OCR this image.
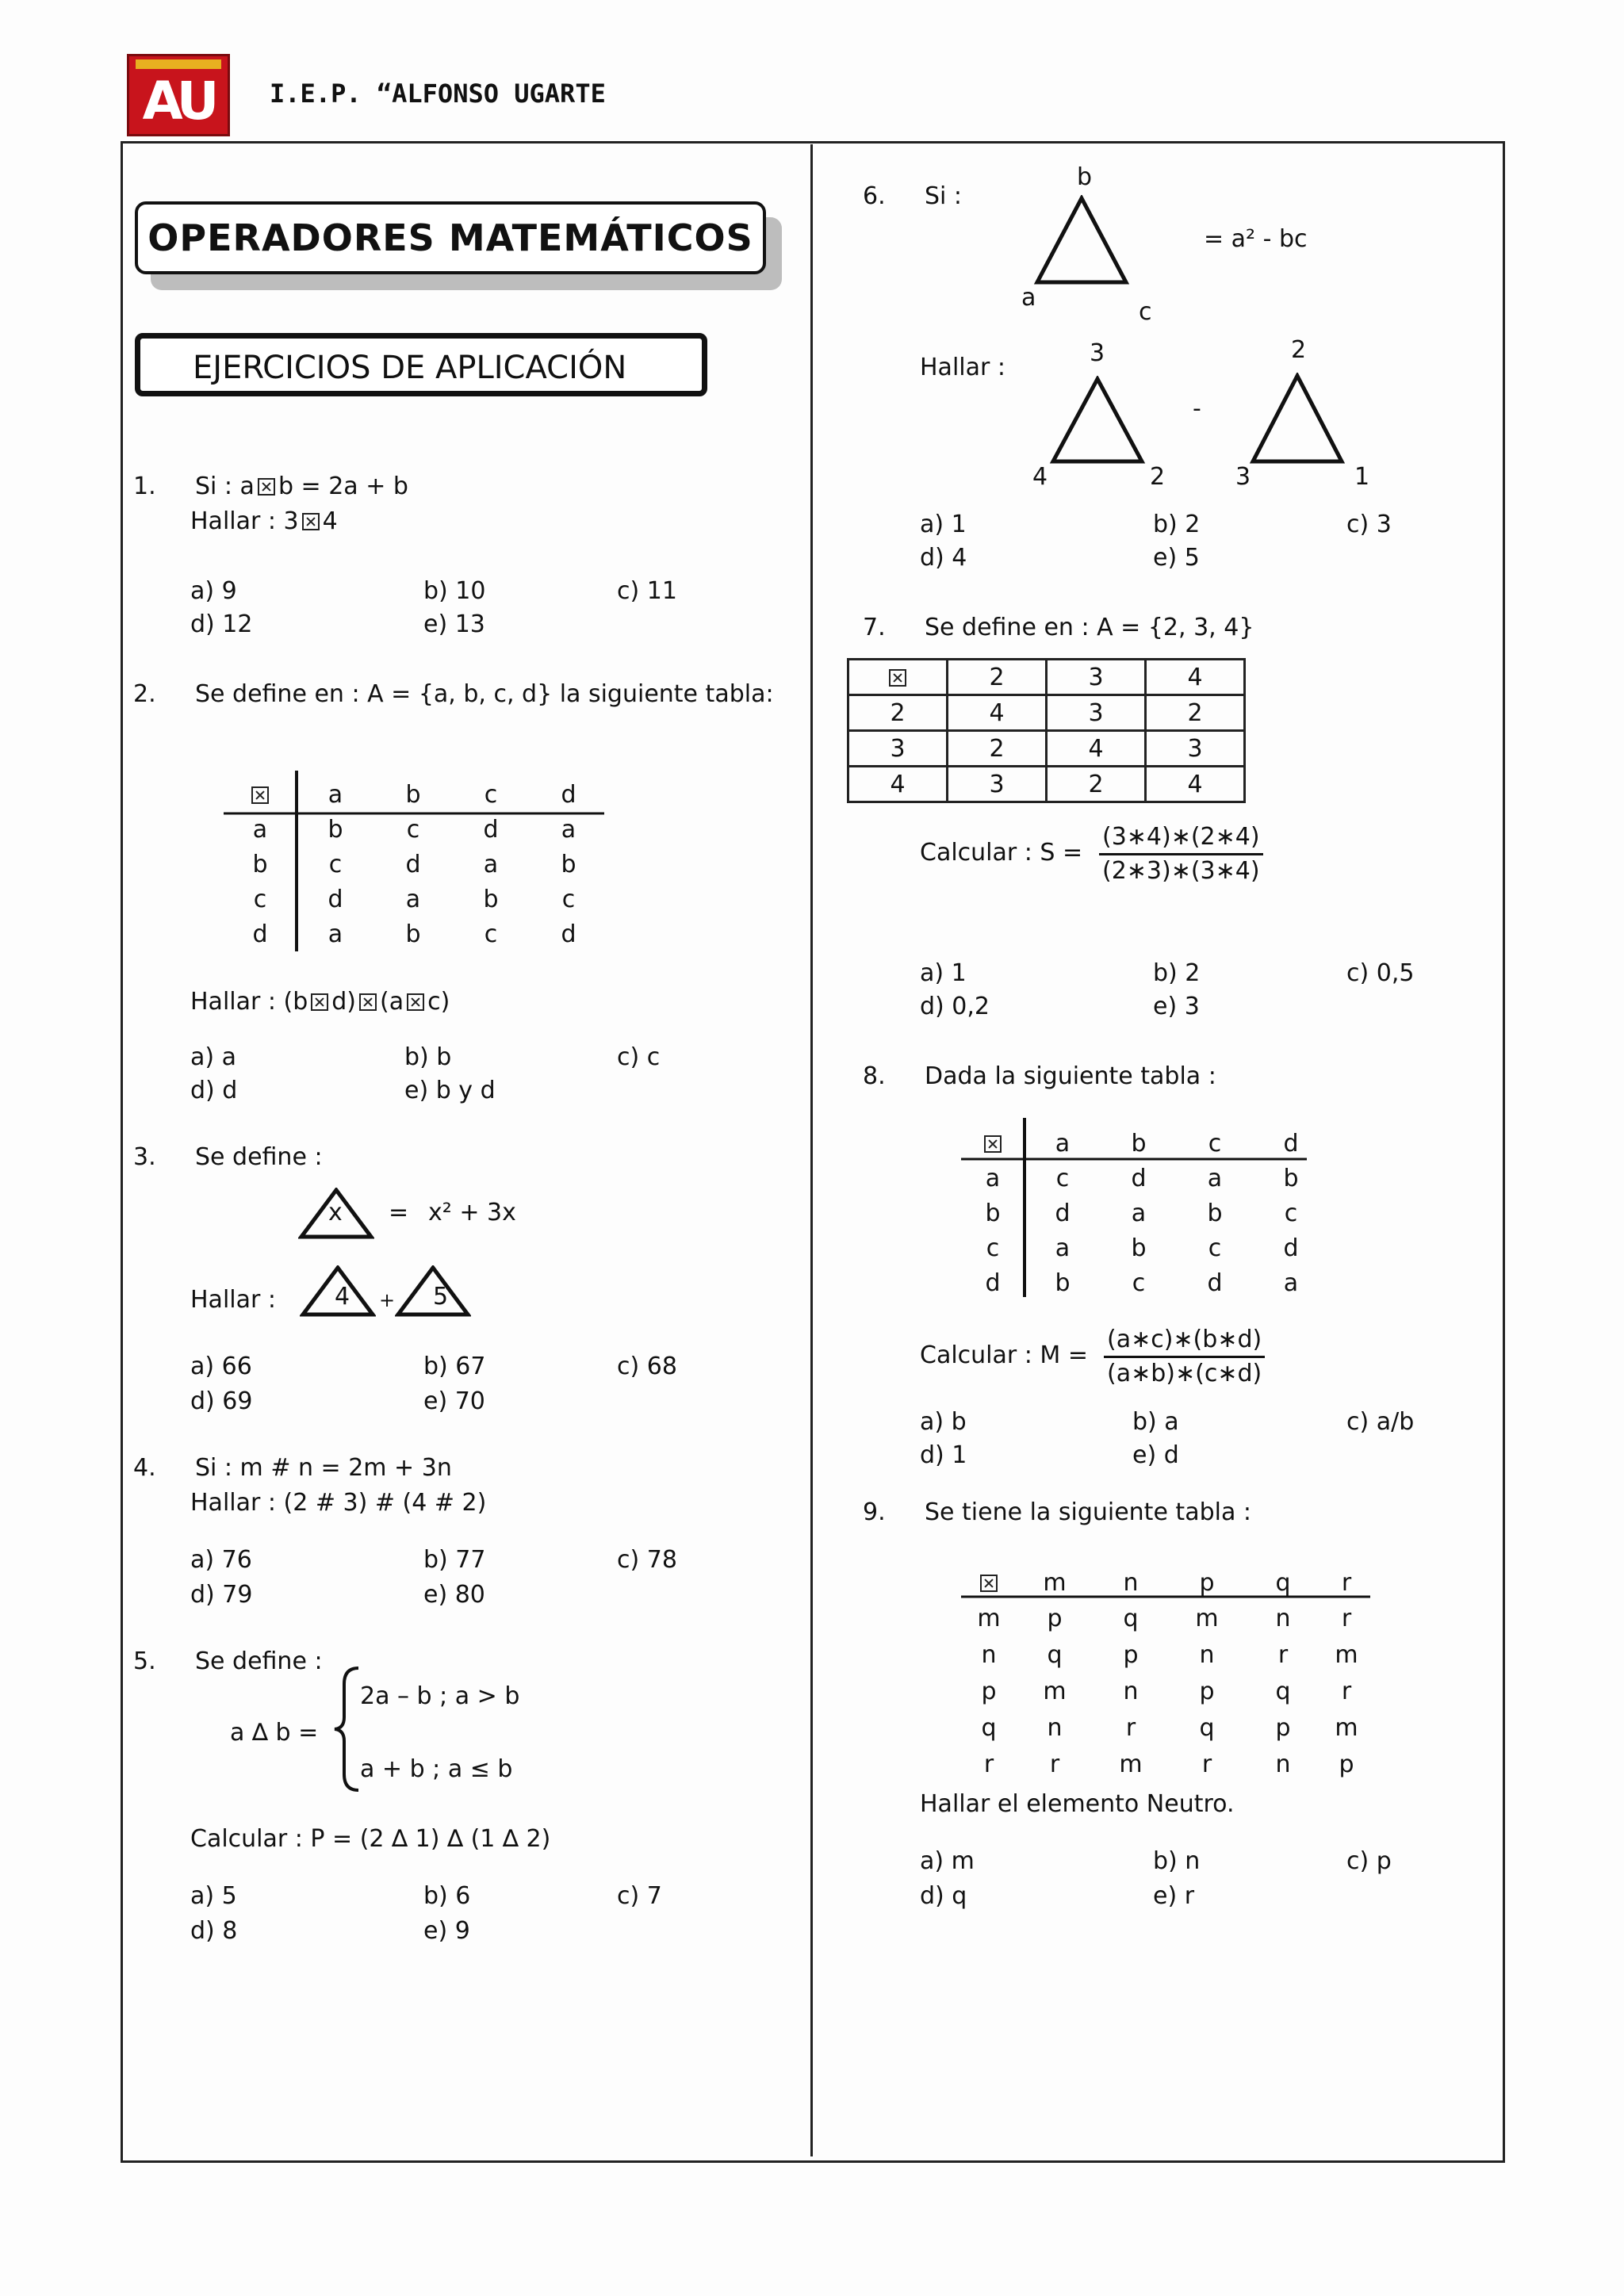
AU	I.E.P. “ALFONSO UGARTE
OPERADORES MATEMÁTICOS
EJERCICIOS DE APLICACIÓN
1. Si : a b = 2a + b
Hallar : 3 4
a) 9	b) 10	c) 11
d) 12	e) 13
2. Se define en : A = {a, b, c, d} la siguiente tabla:
	a	b	c	d
a	b	c	d	a
b	c	d	a	b
c	d	a	b	c
d	a	b	c	d
Hallar : (b d) (a c)
a) a	b) b	c) c
d) d	e) b y d
3. Se define :
x = x² + 3x
Hallar : 4 + 5
a) 66	b) 67	c) 68
d) 69	e) 70
4. Si : m # n = 2m + 3n
Hallar : (2 # 3) # (4 # 2)
a) 76	b) 77	c) 78
d) 79	e) 80
5. Se define :
a ∆ b =
2a – b ; a > b
a + b ; a ≤ b
Calcular : P = (2 ∆ 1) ∆ (1 ∆ 2)
a) 5	b) 6	c) 7
d) 8	e) 9
6. Si :
b
a
c
= a² - bc
Hallar :
3
4	2
-
2
3	1
a) 1	b) 2	c) 3
d) 4	e) 5
7. Se define en : A = {2, 3, 4}
	2	3	4
2	4	3	2
3	2	4	3
4	3	2	4
Calcular : $S = \frac{(3∗4)∗(2∗4)}{(2∗3)∗(3∗4)}$
a) 1	b) 2	c) 0,5
d) 0,2	e) 3
8. Dada la siguiente tabla :
	a	b	c	d
a	c	d	a	b
b	d	a	b	c
c	a	b	c	d
d	b	c	d	a
Calcular : $M = \frac{(a∗c)∗(b∗d)}{(a∗b)∗(c∗d)}$
a) b	b) a	c) a/b
d) 1	e) d
9. Se tiene la siguiente tabla :
	m	n	p	q	r
m	p	q	m	n	r
n	q	p	n	r	m
p	m	n	p	q	r
q	n	r	q	p	m
r	r	m	r	n	p
Hallar el elemento Neutro.
a) m	b) n	c) p
d) q	e) r
